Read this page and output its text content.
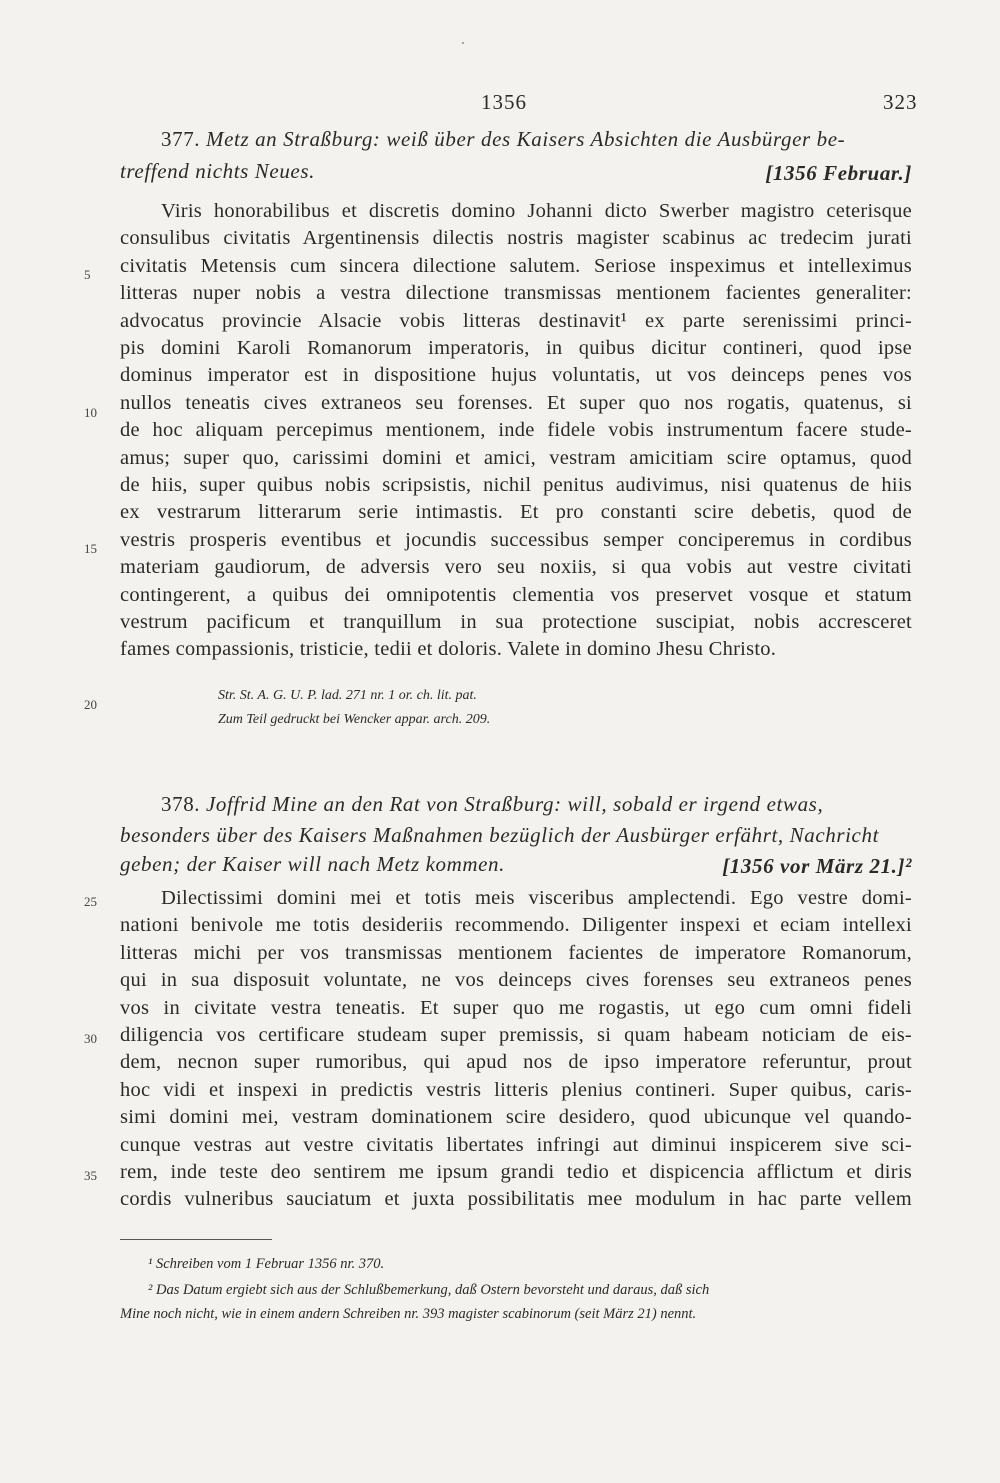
1356	323
377. Metz an Straßburg: weiß über des Kaisers Absichten die Ausbürger be-
treffend nichts Neues.	[1356 Februar.]
Viris honorabilibus et discretis domino Johanni dicto Swerber magistro ceterisque
consulibus civitatis Argentinensis dilectis nostris magister scabinus ac tredecim jurati
civitatis Metensis cum sincera dilectione salutem. Seriose inspeximus et intelleximus
litteras nuper nobis a vestra dilectione transmissas mentionem facientes generaliter:
advocatus provincie Alsacie vobis litteras destinavit¹ ex parte serenissimi princi-
pis domini Karoli Romanorum imperatoris, in quibus dicitur contineri, quod ipse
dominus imperator est in dispositione hujus voluntatis, ut vos deinceps penes vos
nullos teneatis cives extraneos seu forenses. Et super quo nos rogatis, quatenus, si
de hoc aliquam percepimus mentionem, inde fidele vobis instrumentum facere stude-
amus; super quo, carissimi domini et amici, vestram amicitiam scire optamus, quod
de hiis, super quibus nobis scripsistis, nichil penitus audivimus, nisi quatenus de hiis
ex vestrarum litterarum serie intimastis. Et pro constanti scire debetis, quod de
vestris prosperis eventibus et jocundis successibus semper conciperemus in cordibus
materiam gaudiorum, de adversis vero seu noxiis, si qua vobis aut vestre civitati
contingerent, a quibus dei omnipotentis clementia vos preservet vosque et statum
vestrum pacificum et tranquillum in sua protectione suscipiat, nobis accresceret
fames compassionis, tristicie, tedii et doloris. Valete in domino Jhesu Christo.
Str. St. A. G. U. P. lad. 271 nr. 1 or. ch. lit. pat.
Zum Teil gedruckt bei Wencker appar. arch. 209.
378. Joffrid Mine an den Rat von Straßburg: will, sobald er irgend etwas,
besonders über des Kaisers Maßnahmen bezüglich der Ausbürger erfährt, Nachricht
geben; der Kaiser will nach Metz kommen.	[1356 vor März 21.]²
Dilectissimi domini mei et totis meis visceribus amplectendi. Ego vestre domi-
nationi benivole me totis desideriis recommendo. Diligenter inspexi et eciam intellexi
litteras michi per vos transmissas mentionem facientes de imperatore Romanorum,
qui in sua disposuit voluntate, ne vos deinceps cives forenses seu extraneos penes
vos in civitate vestra teneatis. Et super quo me rogastis, ut ego cum omni fideli
diligencia vos certificare studeam super premissis, si quam habeam noticiam de eis-
dem, necnon super rumoribus, qui apud nos de ipso imperatore referuntur, prout
hoc vidi et inspexi in predictis vestris litteris plenius contineri. Super quibus, caris-
simi domini mei, vestram dominationem scire desidero, quod ubicunque vel quando-
cunque vestras aut vestre civitatis libertates infringi aut diminui inspicerem sive sci-
rem, inde teste deo sentirem me ipsum grandi tedio et dispicencia afflictum et diris
cordis vulneribus sauciatum et juxta possibilitatis mee modulum in hac parte vellem
5
10
15
20
25
30
35
¹ Schreiben vom 1 Februar 1356 nr. 370.
² Das Datum ergiebt sich aus der Schlußbemerkung, daß Ostern bevorsteht und daraus, daß sich
Mine noch nicht, wie in einem andern Schreiben nr. 393 magister scabinorum (seit März 21) nennt.
